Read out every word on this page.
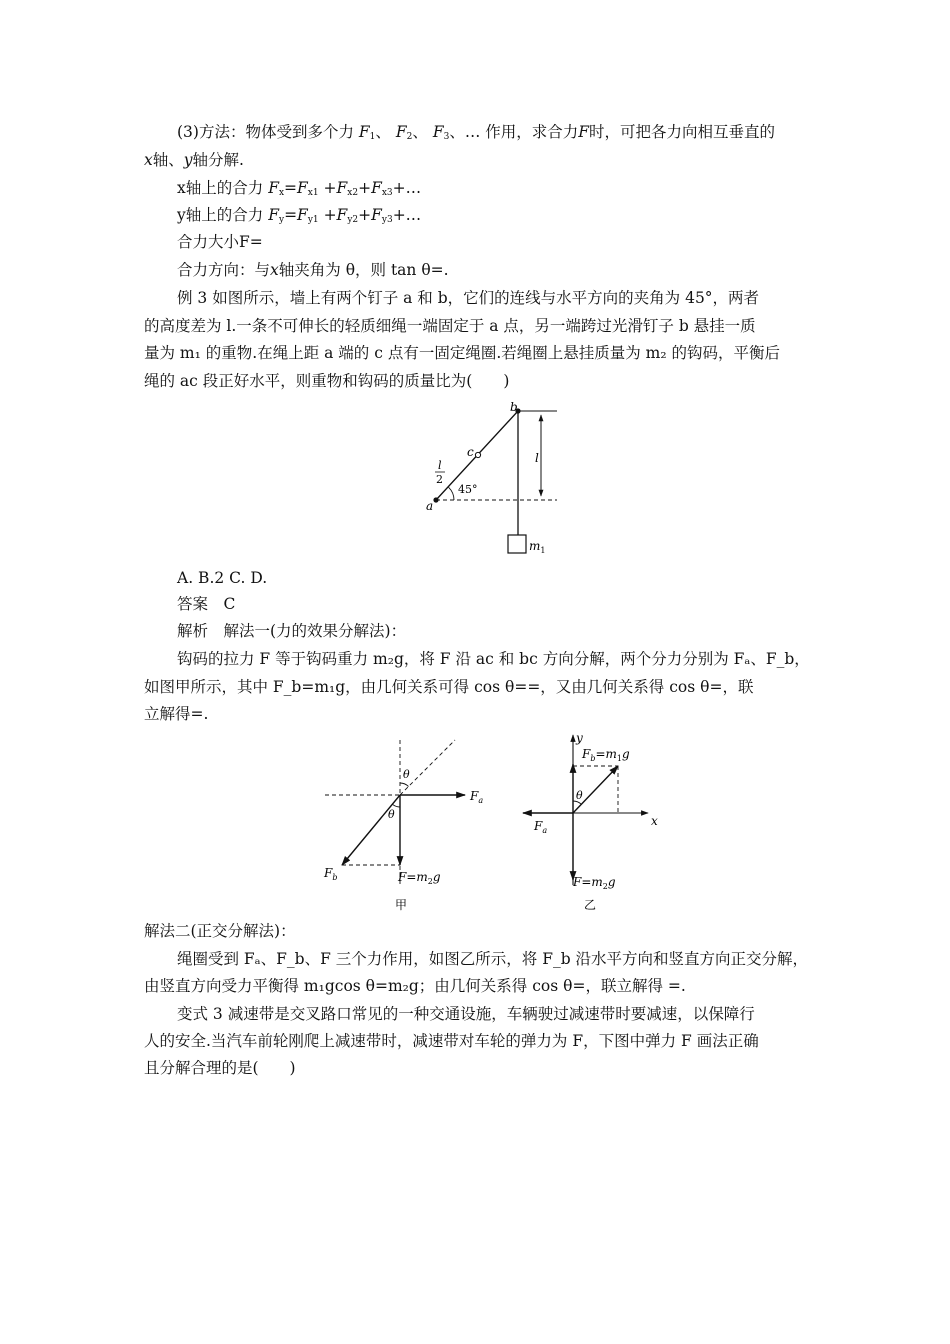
(3)方法：物体受到多个力 $F_1$、 $F_2$、 $F_3$、… 作用，求合力F时，可把各力向相互垂直的
x轴、y轴分解.
x轴上的合力 $F_x=F_{x1}$ $+F_{x2}+F_{x3}+\dots$
y轴上的合力 $F_y=F_{y1}$ $+F_{y2}+F_{y3}+\dots$
合力大小F=
合力方向：与x轴夹角为 θ，则 tan θ=.
例 3 如图所示，墙上有两个钉子 a 和 b，它们的连线与水平方向的夹角为 45°，两者
的高度差为 l.一条不可伸长的轻质细绳一端固定于 a 点，另一端跨过光滑钉子 b 悬挂一质
量为 m₁ 的重物.在绳上距 a 端的 c 点有一固定绳圈.若绳圈上悬挂质量为 m₂ 的钩码，平衡后
绳的 ac 段正好水平，则重物和钩码的质量比为(　　)
b
c
a
l
2
45°
l
$m_1$
A. B.2 C. D.
答案　C
解析　解法一(力的效果分解法)：
钩码的拉力 F 等于钩码重力 m₂g，将 F 沿 ac 和 bc 方向分解，两个分力分别为 Fₐ、F_b，
如图甲所示，其中 F_b=m₁g，由几何关系可得 cos θ==，又由几何关系得 cos θ=，联
立解得=.
θ
θ
$F_a$
$F_b$	$F=m_2g$
甲
y
x
$F_b=m_1g$
θ
$F_a$
$F=m_2g$
乙
解法二(正交分解法)：
绳圈受到 Fₐ、F_b、F 三个力作用，如图乙所示，将 F_b 沿水平方向和竖直方向正交分解，
由竖直方向受力平衡得 m₁gcos θ=m₂g；由几何关系得 cos θ=，联立解得 =.
变式 3 减速带是交叉路口常见的一种交通设施，车辆驶过减速带时要减速，以保障行
人的安全.当汽车前轮刚爬上减速带时，减速带对车轮的弹力为 F，下图中弹力 F 画法正确
且分解合理的是(　　)
